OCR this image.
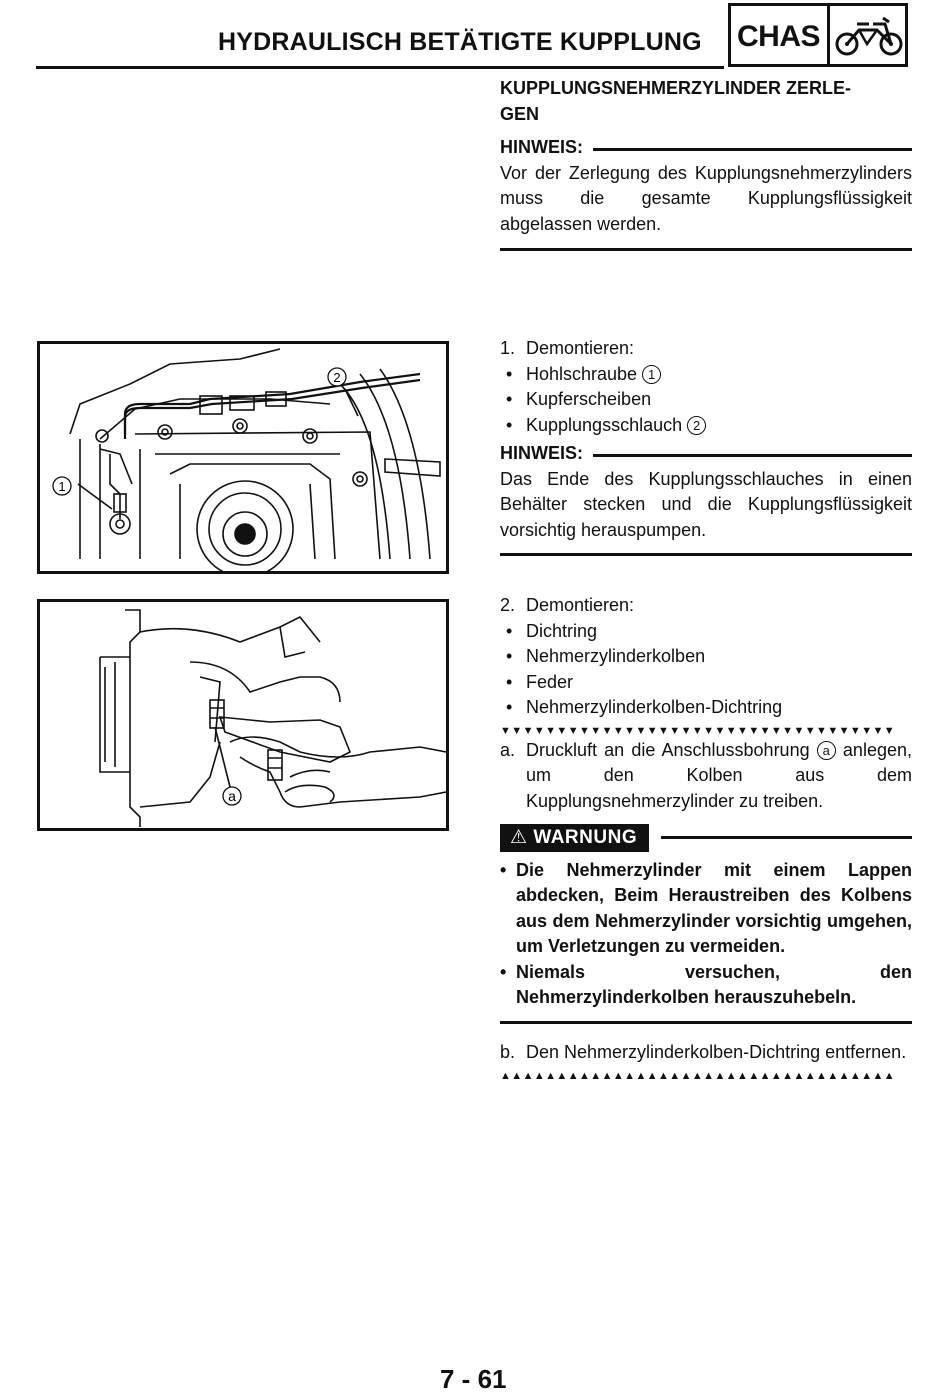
HYDRAULISCH BETÄTIGTE KUPPLUNG CHAS
KUPPLUNGSNEHMERZYLINDER ZERLE-
GEN
HINWEIS:
Vor der Zerlegung des Kupplungsnehmerzylinders muss die gesamte Kupplungsflüssigkeit abgelassen werden.
2
1
1. Demontieren:
• Hohlschraube 1
• Kupferscheiben
• Kupplungsschlauch 2
HINWEIS:
Das Ende des Kupplungsschlauches in einen Behälter stecken und die Kupplungsflüssigkeit vorsichtig herauspumpen.
a
2. Demontieren:
• Dichtring
• Nehmerzylinderkolben
• Feder
• Nehmerzylinderkolben-Dichtring
▼▼▼▼▼▼▼▼▼▼▼▼▼▼▼▼▼▼▼▼▼▼▼▼▼▼▼▼▼▼▼▼▼▼▼
a. Druckluft an die Anschlussbohrung a anlegen, um den Kolben aus dem Kupplungsnehmerzylinder zu treiben.
⚠ WARNUNG
• Die Nehmerzylinder mit einem Lappen abdecken, Beim Heraustreiben des Kolbens aus dem Nehmerzylinder vorsichtig umgehen, um Verletzungen zu vermeiden.
• Niemals versuchen, den Nehmerzylinderkolben herauszuhebeln.
b. Den Nehmerzylinderkolben-Dichtring entfernen.
▲▲▲▲▲▲▲▲▲▲▲▲▲▲▲▲▲▲▲▲▲▲▲▲▲▲▲▲▲▲▲▲▲▲▲
7 - 61
